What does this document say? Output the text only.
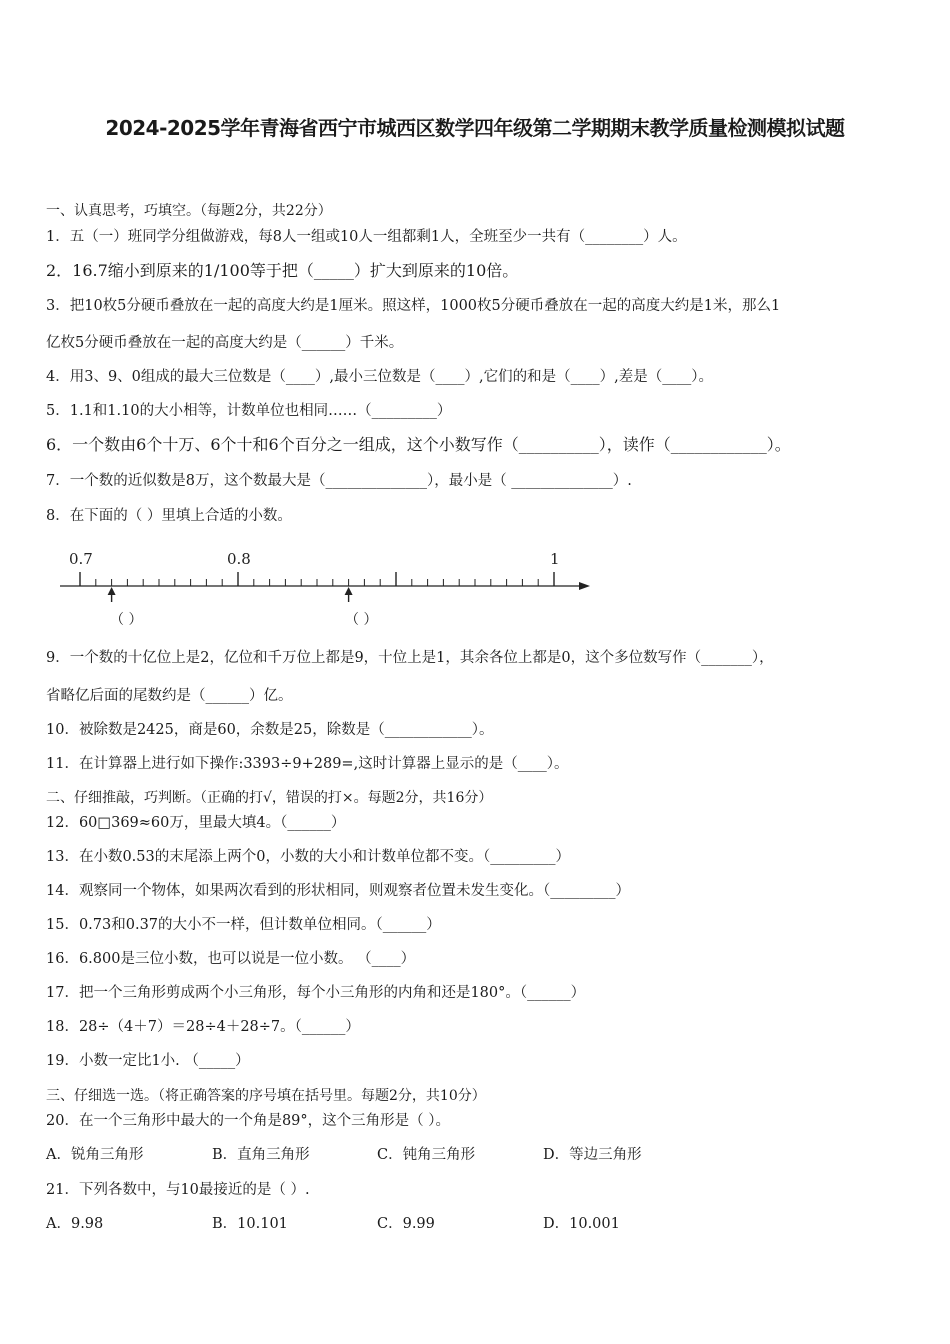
2024-2025学年青海省西宁市城西区数学四年级第二学期期末教学质量检测模拟试题
一、认真思考，巧填空。（每题2分，共22分）
1．五（一）班同学分组做游戏，每8人一组或10人一组都剩1人，全班至少一共有（________）人。
2．16.7缩小到原来的1/100等于把（_____）扩大到原来的10倍。
3．把10枚5分硬币叠放在一起的高度大约是1厘米。照这样，1000枚5分硬币叠放在一起的高度大约是1米，那么1
亿枚5分硬币叠放在一起的高度大约是（______）千米。
4．用3、9、0组成的最大三位数是（____）,最小三位数是（____）,它们的和是（____）,差是（____）。
5．1.1和1.10的大小相等，计数单位也相同……（_________）
6．一个数由6个十万、6个十和6个百分之一组成，这个小数写作（__________），读作（____________）。
7．一个数的近似数是8万，这个数最大是（______________），最小是（ ______________）.
8．在下面的（ ）里填上合适的小数。
0.7	0.8	1
（ ）	（ ）
9．一个数的十亿位上是2，亿位和千万位上都是9，十位上是1，其余各位上都是0，这个多位数写作（_______），
省略亿后面的尾数约是（______）亿。
10．被除数是2425，商是60，余数是25，除数是（____________）。
11．在计算器上进行如下操作:3393÷9+289=,这时计算器上显示的是（____）。
二、仔细推敲，巧判断。（正确的打√，错误的打×。每题2分，共16分）
12．60□369≈60万，里最大填4。（______）
13．在小数0.53的末尾添上两个0，小数的大小和计数单位都不变。（_________）
14．观察同一个物体，如果两次看到的形状相同，则观察者位置未发生变化。（_________）
15．0.73和0.37的大小不一样，但计数单位相同。（______）
16．6.800是三位小数，也可以说是一位小数。 （____）
17．把一个三角形剪成两个小三角形，每个小三角形的内角和还是180°。（______）
18．28÷（4＋7）＝28÷4＋28÷7。（______）
19．小数一定比1小. （_____）
三、仔细选一选。（将正确答案的序号填在括号里。每题2分，共10分）
20．在一个三角形中最大的一个角是89°，这个三角形是（ ）。
A．锐角三角形	B．直角三角形	C．钝角三角形	D．等边三角形
21．下列各数中，与10最接近的是（ ）.
A．9.98	B．10.101	C．9.99	D．10.001
